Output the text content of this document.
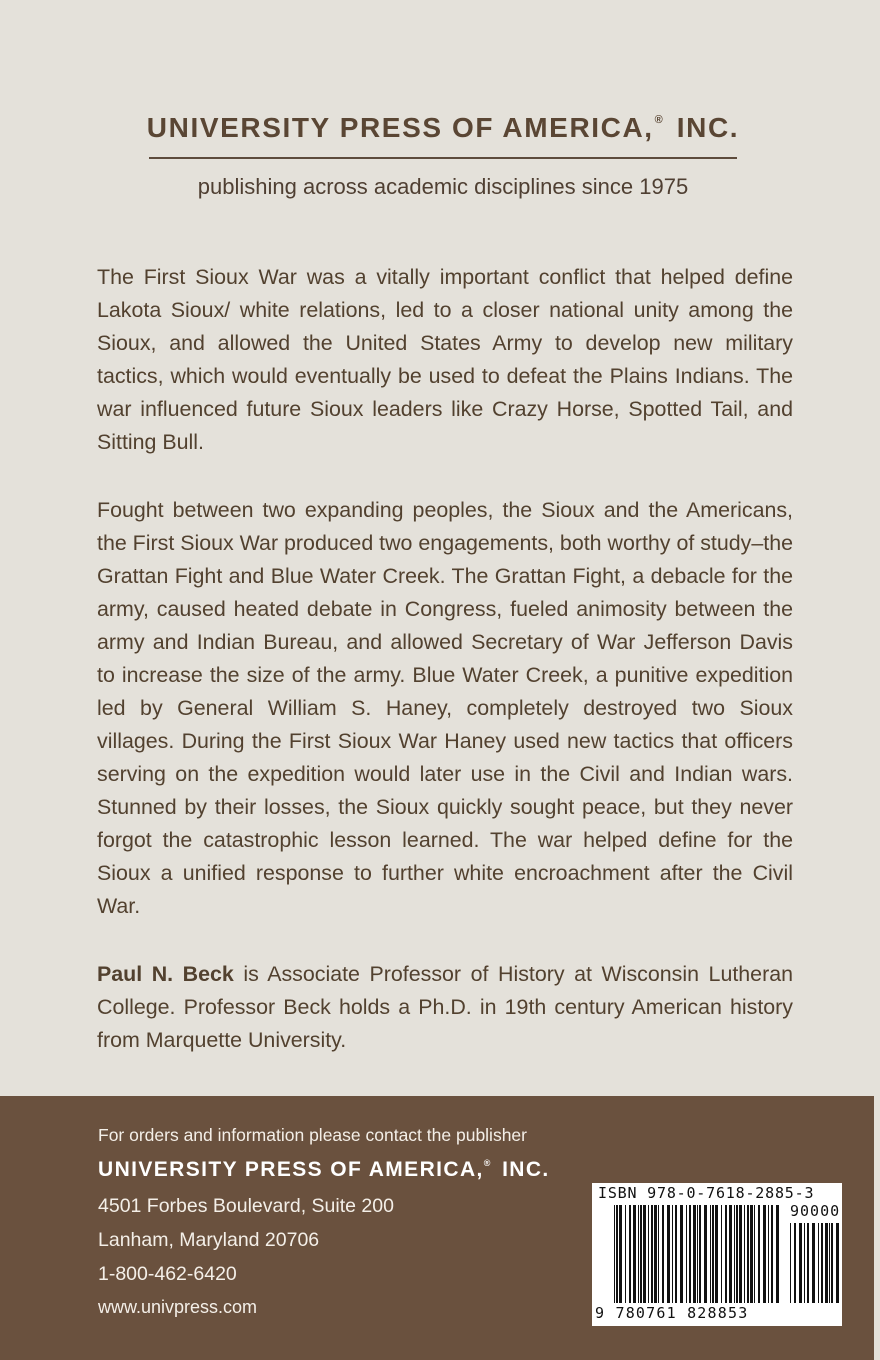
UNIVERSITY PRESS OF AMERICA,® INC.
publishing across academic disciplines since 1975

The First Sioux War was a vitally important conflict that helped define Lakota Sioux/ white relations, led to a closer national unity among the Sioux, and allowed the United States Army to develop new military tactics, which would eventually be used to defeat the Plains Indians. The war influenced future Sioux leaders like Crazy Horse, Spotted Tail, and Sitting Bull.

Fought between two expanding peoples, the Sioux and the Americans, the First Sioux War produced two engagements, both worthy of study–the Grattan Fight and Blue Water Creek. The Grattan Fight, a debacle for the army, caused heated debate in Congress, fueled animosity between the army and Indian Bureau, and allowed Secretary of War Jefferson Davis to increase the size of the army. Blue Water Creek, a punitive expedition led by General William S. Haney, completely destroyed two Sioux villages. During the First Sioux War Haney used new tactics that officers serving on the expedition would later use in the Civil and Indian wars. Stunned by their losses, the Sioux quickly sought peace, but they never forgot the catastrophic lesson learned. The war helped define for the Sioux a unified response to further white encroachment after the Civil War.

Paul N. Beck is Associate Professor of History at Wisconsin Lutheran College. Professor Beck holds a Ph.D. in 19th century American history from Marquette University.

For orders and information please contact the publisher
UNIVERSITY PRESS OF AMERICA,® INC.
4501 Forbes Boulevard, Suite 200
Lanham, Maryland 20706
1-800-462-6420
www.univpress.com
ISBN 978-0-7618-2885-3
90000
9 780761 828853
